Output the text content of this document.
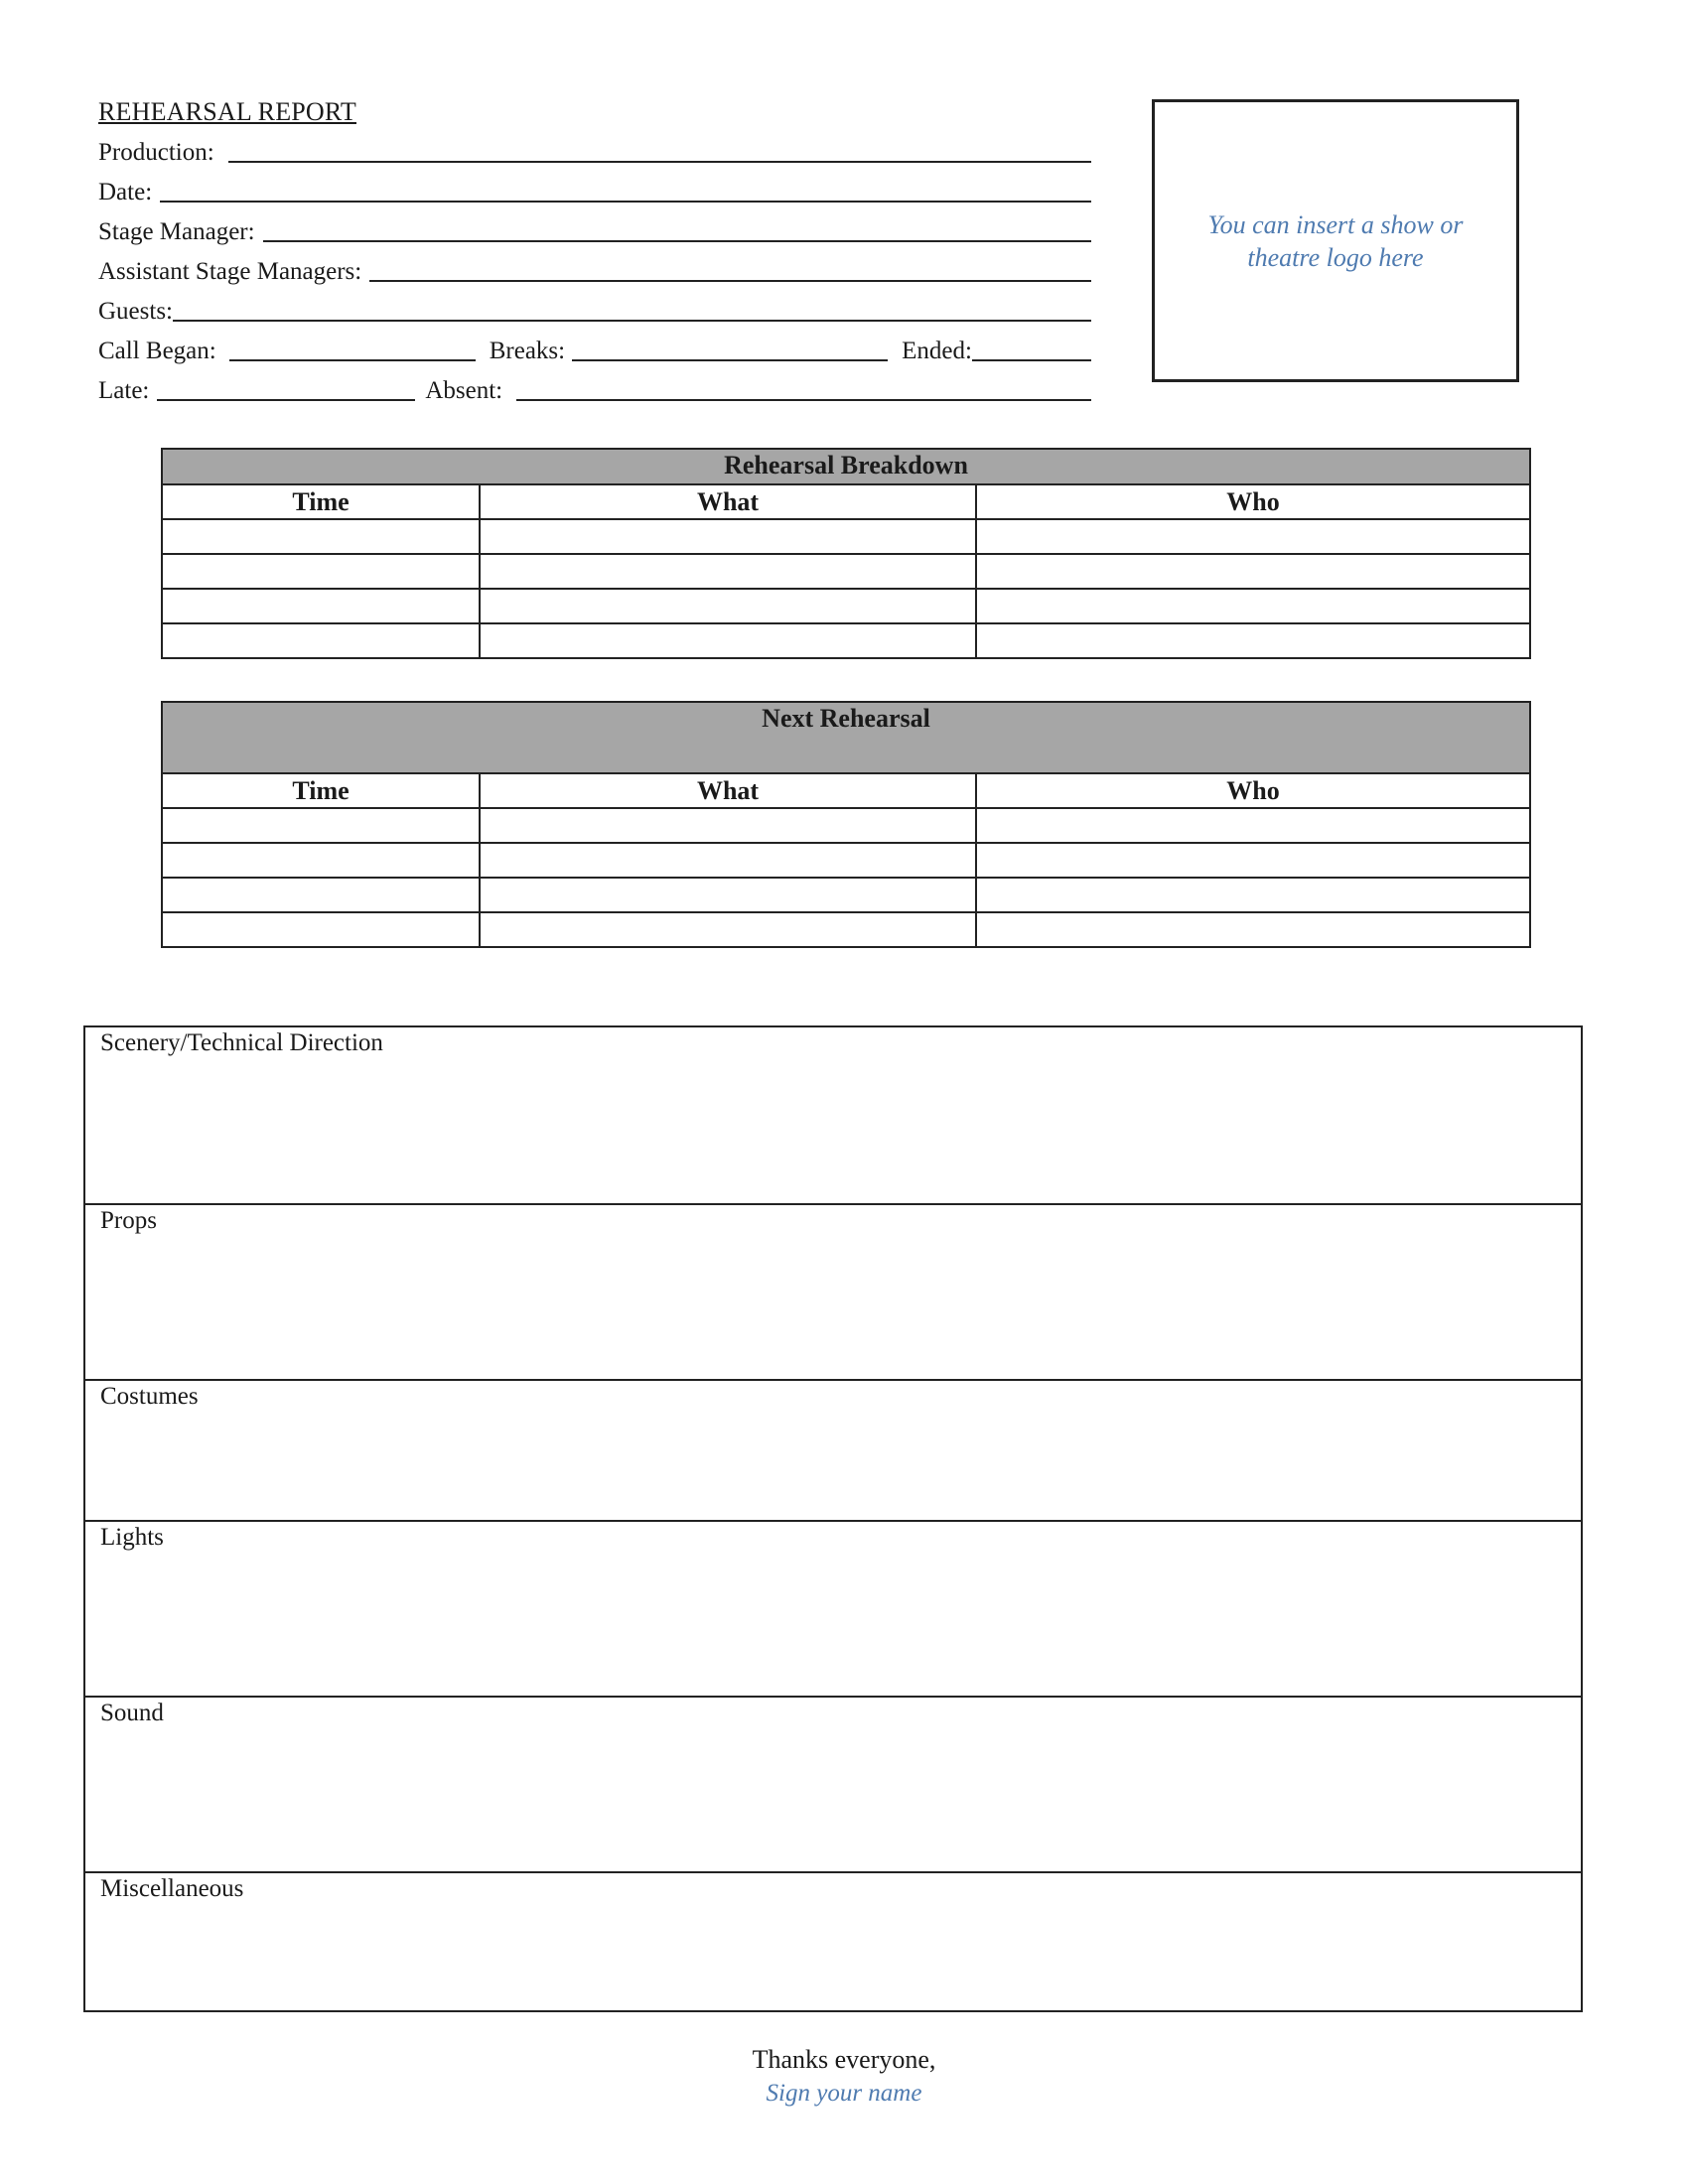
REHEARSAL REPORT
Production:
Date:
Stage Manager:
Assistant Stage Managers:
Guests:
Call Began:	Breaks:	Ended:
Late:	Absent:
You can insert a show or theatre logo here
Rehearsal Breakdown		
Time	What	Who

Next Rehearsal		
Time	What	Who

Scenery/Technical Direction
Props
Costumes
Lights
Sound
Miscellaneous
Thanks everyone,
Sign your name
